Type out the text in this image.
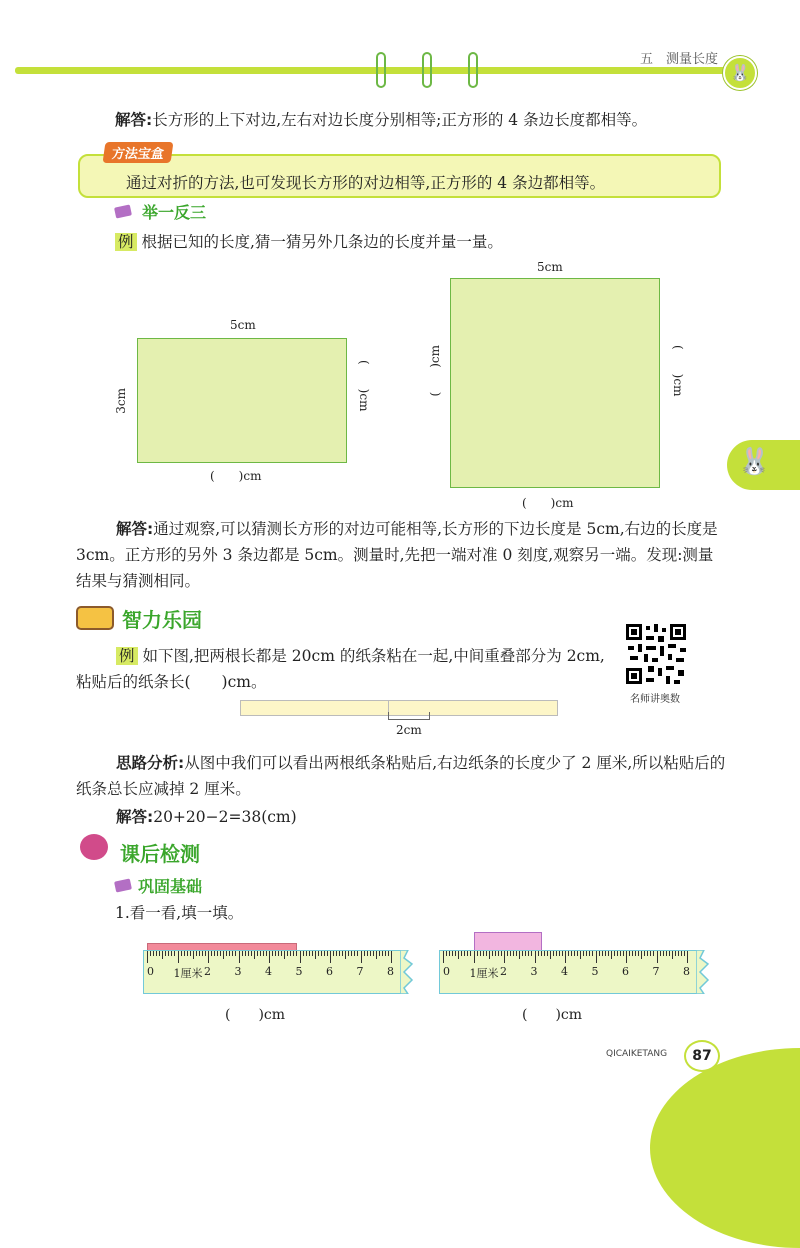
五　测量长度
🐰
解答:长方形的上下对边,左右对边长度分别相等;正方形的 4 条边长度都相等。
方法宝盒
通过对折的方法,也可发现长方形的对边相等,正方形的 4 条边都相等。
举一反三
例 根据已知的长度,猜一猜另外几条边的长度并量一量。
5cm
3cm	(　　)cm
(　　)cm
5cm
(　　)cm	(　　)cm
(　　)cm
🐰
解答:通过观察,可以猜测长方形的对边可能相等,长方形的下边长度是 5cm,右边的长度是 3cm。正方形的另外 3 条边都是 5cm。测量时,先把一端对准 0 刻度,观察另一端。发现:测量结果与猜测相同。
智力乐园
例 如下图,把两根长都是 20cm 的纸条粘在一起,中间重叠部分为 2cm,粘贴后的纸条长(　　)cm。
名师讲奥数
2cm
思路分析:从图中我们可以看出两根纸条粘贴后,右边纸条的长度少了 2 厘米,所以粘贴后的纸条总长应减掉 2 厘米。
解答:20+20−2=38(cm)
课后检测
巩固基础
1.看一看,填一填。
0 1厘米 2 3 4 5 6 7 8
(　　)cm
0 1厘米 2 3 4 5 6 7 8
(　　)cm
QICAIKETANG	87
